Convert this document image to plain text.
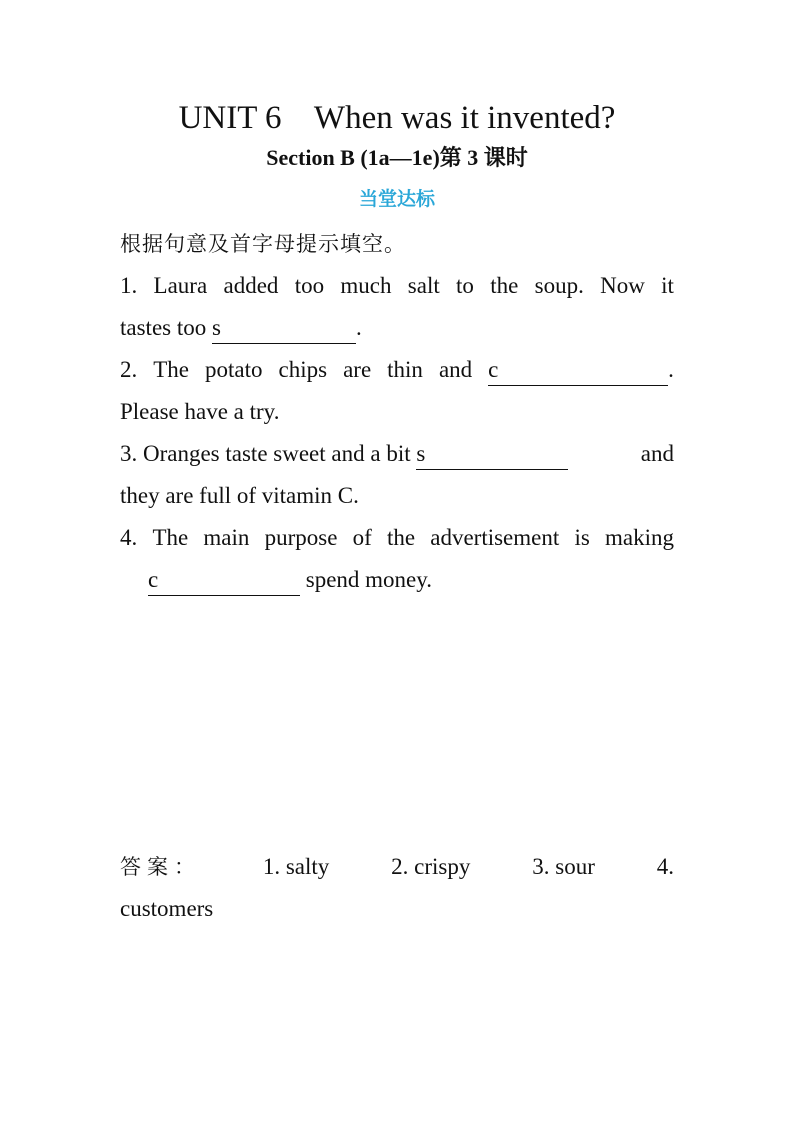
UNIT 6    When was it invented?
Section B (1a—1e)第 3 课时
当堂达标
根据句意及首字母提示填空。
1. Laura added too much salt to the soup. Now it
tastes too s	.
2. The potato chips are thin and c	.
Please have a try.
3. Oranges taste sweet and a bit s	and
they are full of vitamin C.
4. The main purpose of the advertisement is making
c	spend money.
答案：	1. salty	2. crispy	3. sour	4.
customers
